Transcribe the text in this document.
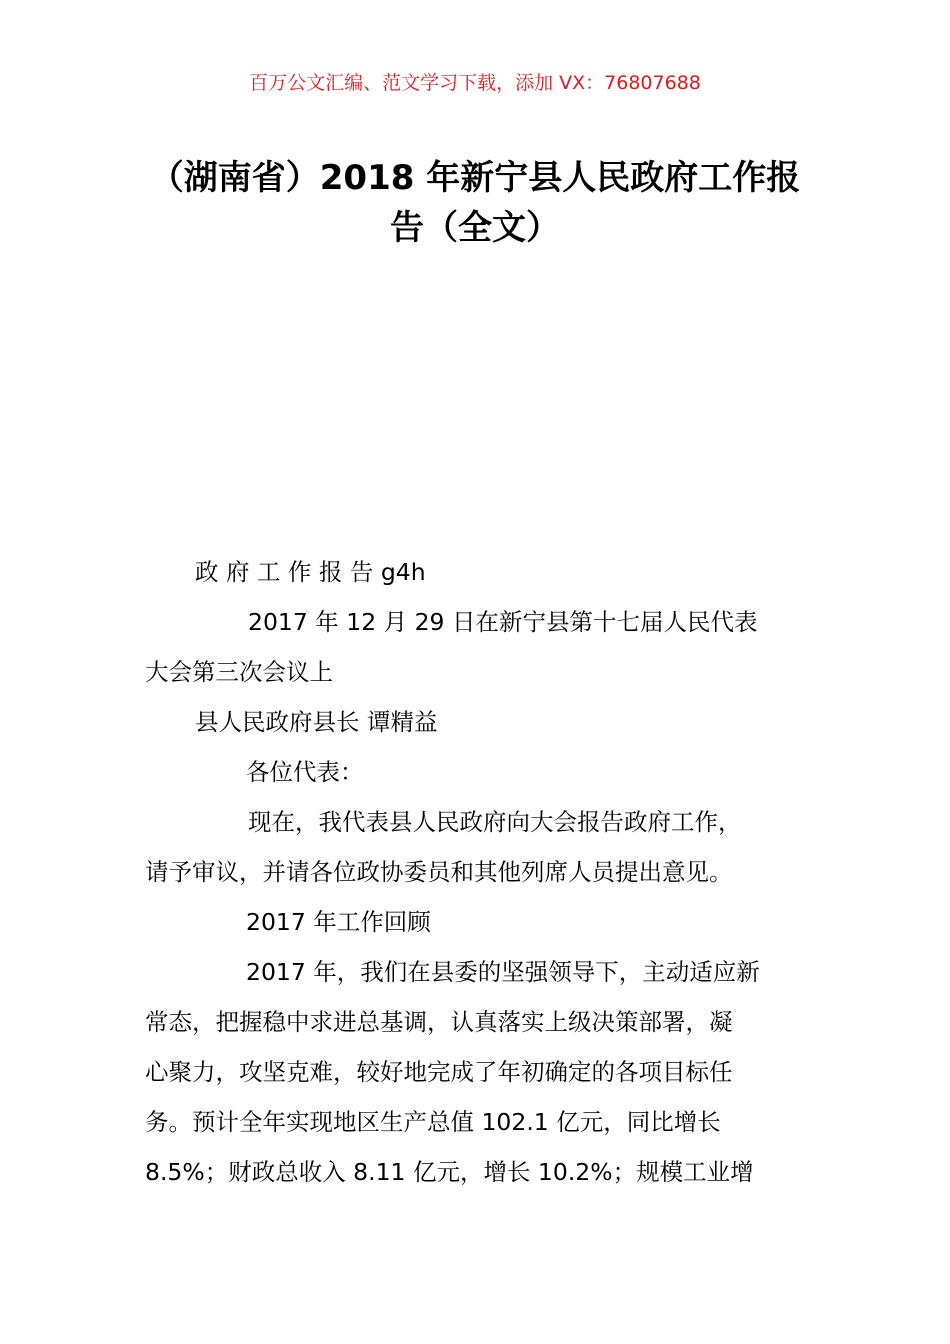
百万公文汇编、范文学习下载，添加 VX：76807688
（湖南省）2018 年新宁县人民政府工作报
告（全文）
政 府 工 作 报 告 g4h
2017 年 12 月 29 日在新宁县第十七届人民代表
大会第三次会议上
县人民政府县长 谭精益
各位代表：
现在，我代表县人民政府向大会报告政府工作，
请予审议，并请各位政协委员和其他列席人员提出意见。
2017 年工作回顾
2017 年，我们在县委的坚强领导下，主动适应新
常态，把握稳中求进总基调，认真落实上级决策部署，凝
心聚力，攻坚克难，较好地完成了年初确定的各项目标任
务。预计全年实现地区生产总值 102.1 亿元，同比增长
8.5%；财政总收入 8.11 亿元，增长 10.2%；规模工业增
